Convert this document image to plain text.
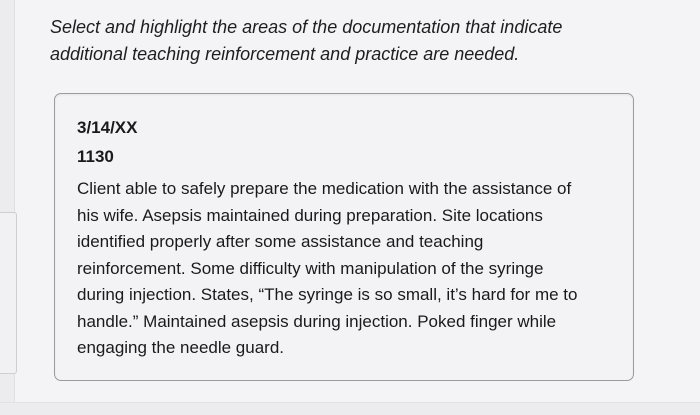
Select and highlight the areas of the documentation that indicate
additional teaching reinforcement and practice are needed.

3/14/XX

1130

Client able to safely prepare the medication with the assistance of
his wife. Asepsis maintained during preparation. Site locations
identified properly after some assistance and teaching
reinforcement. Some difficulty with manipulation of the syringe
during injection. States, “The syringe is so small, it’s hard for me to
handle.” Maintained asepsis during injection. Poked finger while
engaging the needle guard.
